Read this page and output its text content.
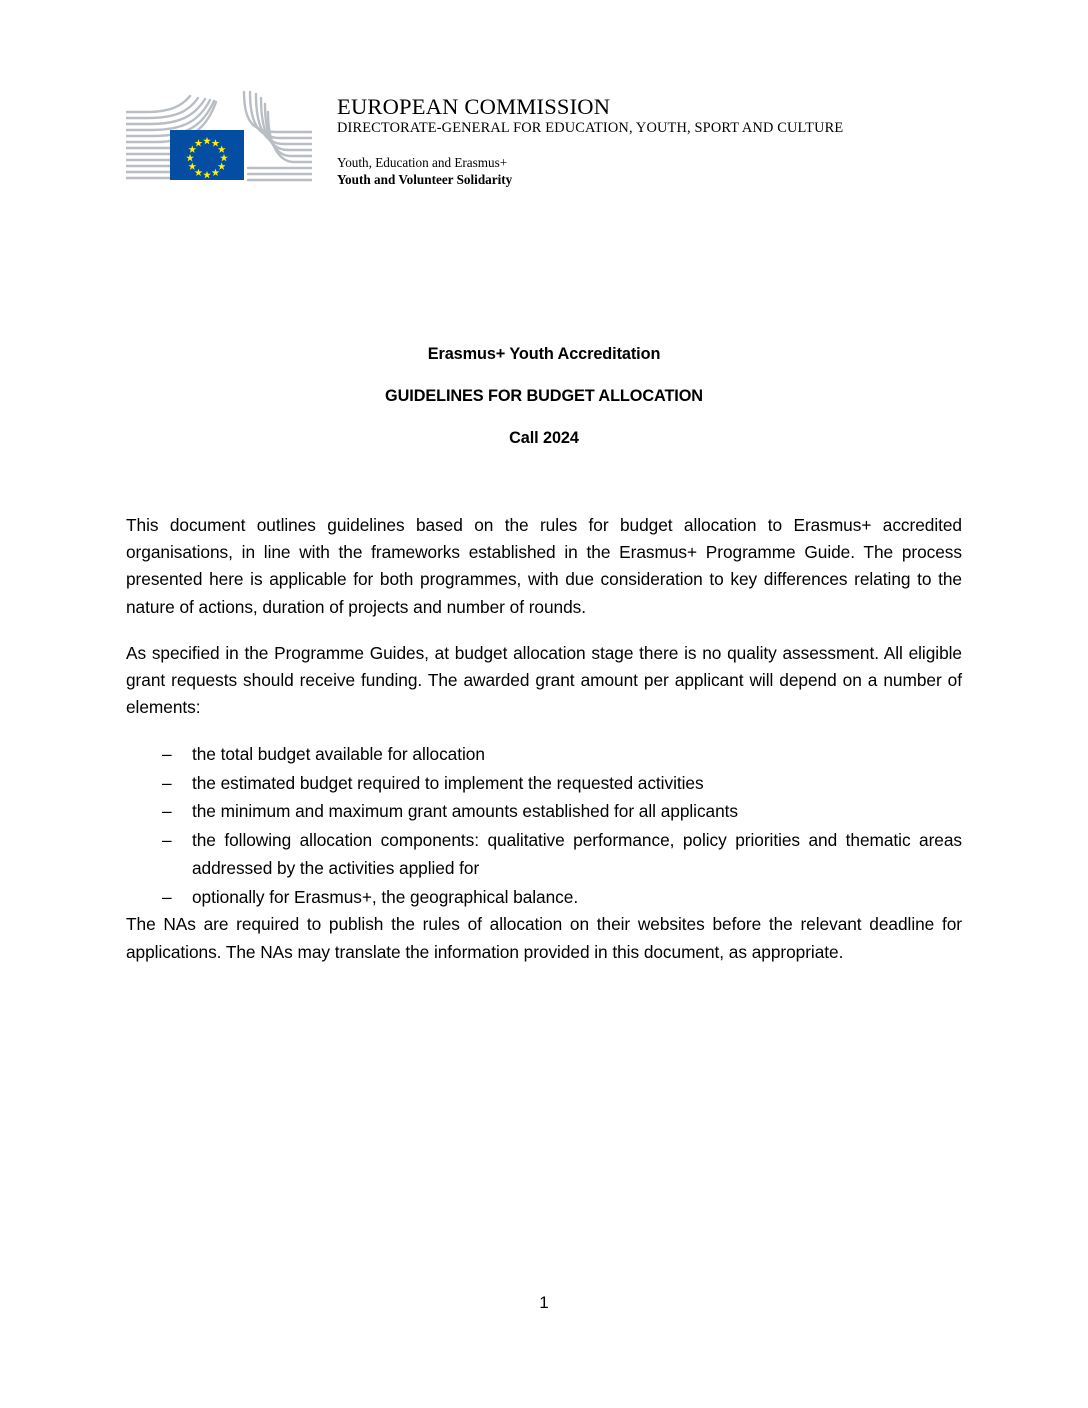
EUROPEAN COMMISSION
DIRECTORATE-GENERAL FOR EDUCATION, YOUTH, SPORT AND CULTURE
Youth, Education and Erasmus+
Youth and Volunteer Solidarity
Erasmus+ Youth Accreditation
GUIDELINES FOR BUDGET ALLOCATION
Call 2024

This document outlines guidelines based on the rules for budget allocation to Erasmus+ accredited organisations, in line with the frameworks established in the Erasmus+ Programme Guide. The process presented here is applicable for both programmes, with due consideration to key differences relating to the nature of actions, duration of projects and number of rounds.

As specified in the Programme Guides, at budget allocation stage there is no quality assessment. All eligible grant requests should receive funding. The awarded grant amount per applicant will depend on a number of elements:

– the total budget available for allocation
– the estimated budget required to implement the requested activities
– the minimum and maximum grant amounts established for all applicants
– the following allocation components: qualitative performance, policy priorities and thematic areas addressed by the activities applied for
– optionally for Erasmus+, the geographical balance.

The NAs are required to publish the rules of allocation on their websites before the relevant deadline for applications. The NAs may translate the information provided in this document, as appropriate.

1
